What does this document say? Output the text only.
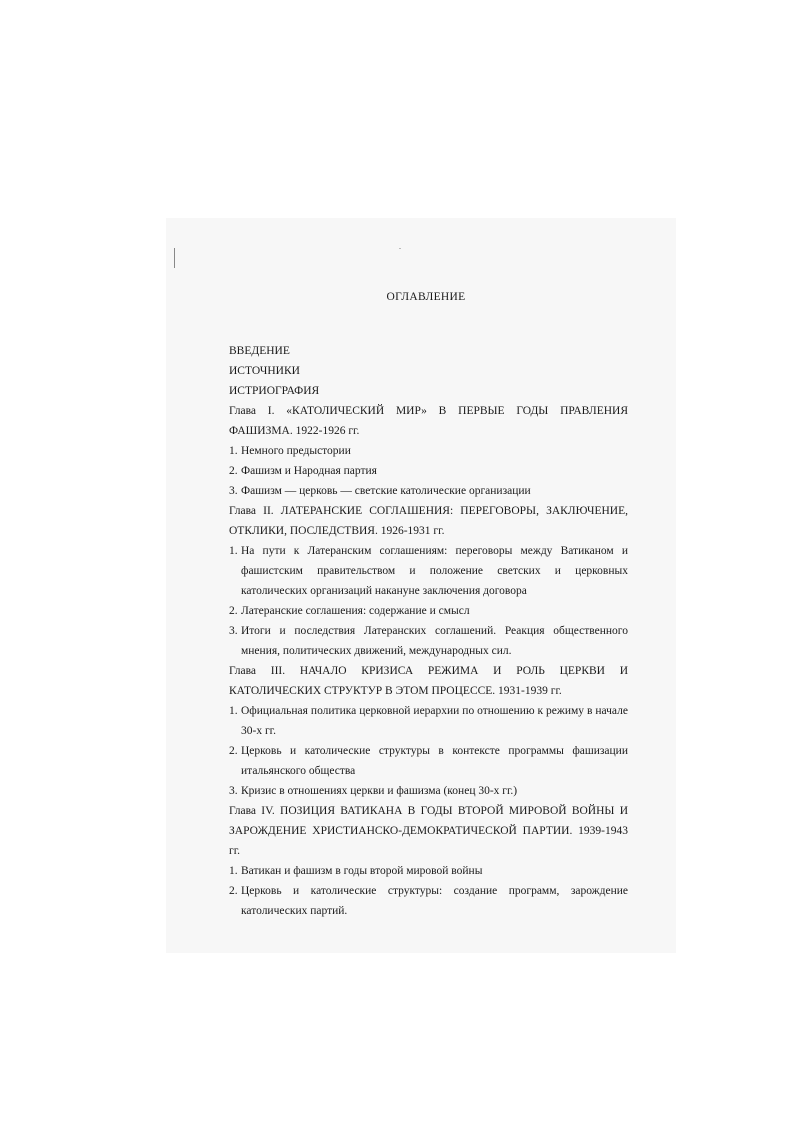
ОГЛАВЛЕНИЕ
ВВЕДЕНИЕ
ИСТОЧНИКИ
ИСТРИОГРАФИЯ
Глава I. «КАТОЛИЧЕСКИЙ МИР» В ПЕРВЫЕ ГОДЫ ПРАВЛЕНИЯ ФАШИЗМА. 1922-1926 гг.
1. Немного предыстории
2. Фашизм и Народная партия
3. Фашизм — церковь — светские католические организации
Глава II. ЛАТЕРАНСКИЕ СОГЛАШЕНИЯ: ПЕРЕГОВОРЫ, ЗАКЛЮЧЕНИЕ, ОТКЛИКИ, ПОСЛЕДСТВИЯ. 1926-1931 гг.
1. На пути к Латеранским соглашениям: переговоры между Ватиканом и фашистским правительством и положение светских и церковных католических организаций накануне заключения договора
2. Латеранские соглашения: содержание и смысл
3. Итоги и последствия Латеранских соглашений. Реакция общественного мнения, политических движений, международных сил.
Глава III. НАЧАЛО КРИЗИСА РЕЖИМА И РОЛЬ ЦЕРКВИ И КАТОЛИЧЕСКИХ СТРУКТУР В ЭТОМ ПРОЦЕССЕ. 1931-1939 гг.
1. Официальная политика церковной иерархии по отношению к режиму в начале 30-х гг.
2. Церковь и католические структуры в контексте программы фашизации итальянского общества
3. Кризис в отношениях церкви и фашизма (конец 30-х гг.)
Глава IV. ПОЗИЦИЯ ВАТИКАНА В ГОДЫ ВТОРОЙ МИРОВОЙ ВОЙНЫ И ЗАРОЖДЕНИЕ ХРИСТИАНСКО-ДЕМОКРАТИЧЕСКОЙ ПАРТИИ. 1939-1943 гг.
1. Ватикан и фашизм в годы второй мировой войны
2. Церковь и католические структуры: создание программ, зарождение католических партий.
